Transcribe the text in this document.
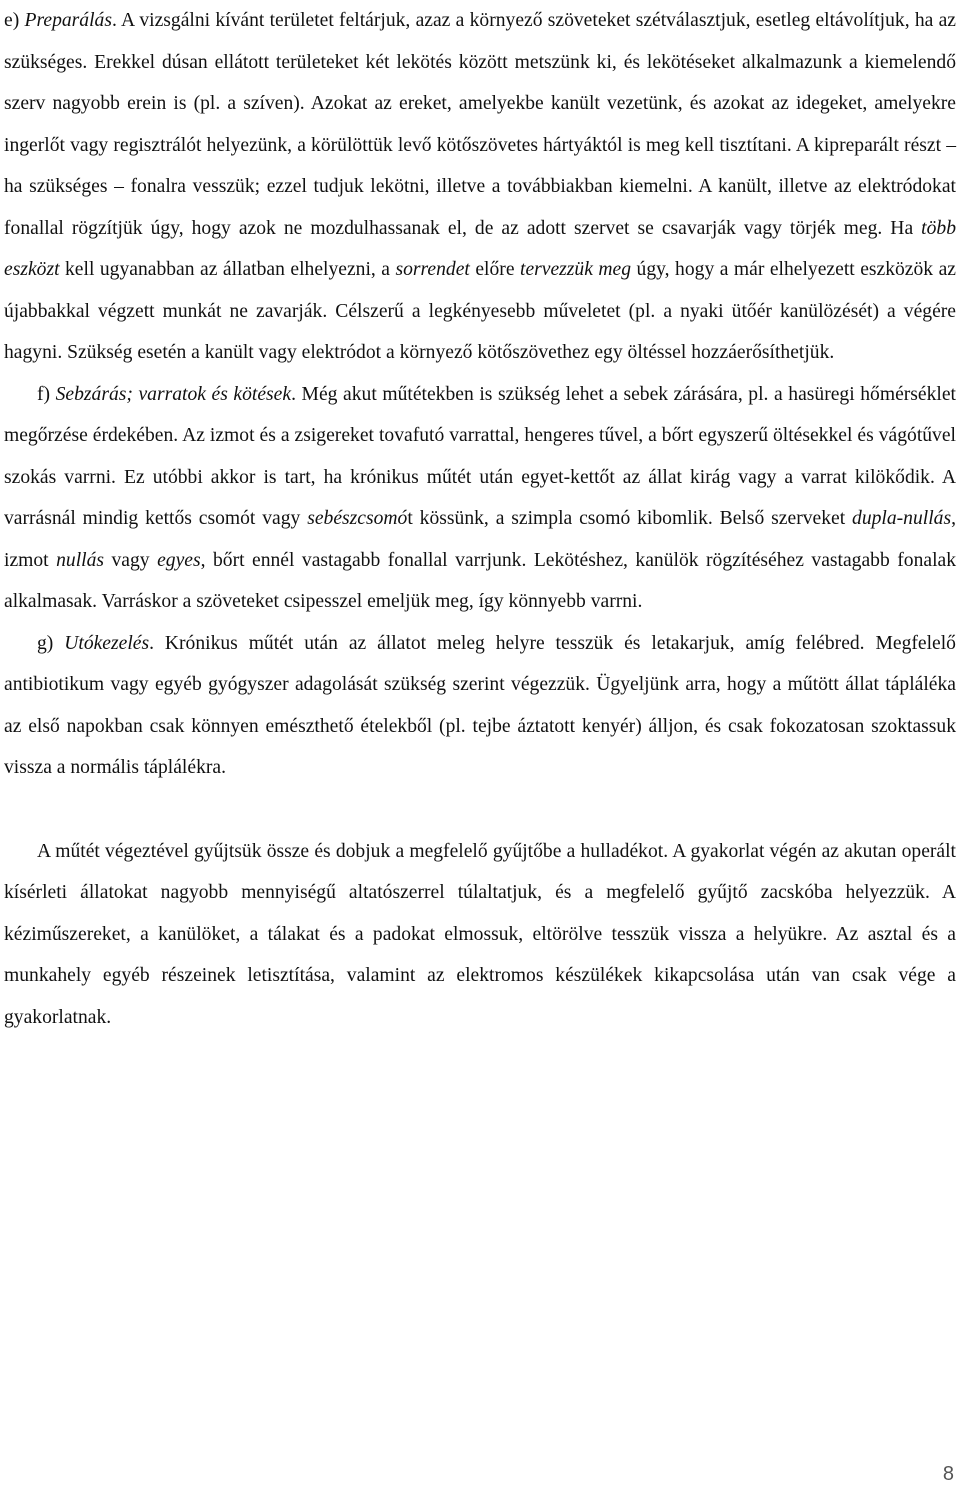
e) Preparálás. A vizsgálni kívánt területet feltárjuk, azaz a környező szöveteket szétválasztjuk, esetleg eltávolítjuk, ha az szükséges. Erekkel dúsan ellátott területeket két lekötés között metszünk ki, és lekötéseket alkalmazunk a kiemelendő szerv nagyobb erein is (pl. a szíven). Azokat az ereket, amelyekbe kanült vezetünk, és azokat az idegeket, amelyekre ingerlőt vagy regisztrálót helyezünk, a körülöttük levő kötőszövetes hártyáktól is meg kell tisztítani. A kipreparált részt – ha szükséges – fonalra vesszük; ezzel tudjuk lekötni, illetve a továbbiakban kiemelni. A kanült, illetve az elektródokat fonallal rögzítjük úgy, hogy azok ne mozdulhassanak el, de az adott szervet se csavarják vagy törjék meg. Ha több eszközt kell ugyanabban az állatban elhelyezni, a sorrendet előre tervezzük meg úgy, hogy a már elhelyezett eszközök az újabbakkal végzett munkát ne zavarják. Célszerű a legkényesebb műveletet (pl. a nyaki ütőér kanülözését) a végére hagyni. Szükség esetén a kanült vagy elektródot a környező kötőszövethez egy öltéssel hozzáerősíthetjük.

f) Sebzárás; varratok és kötések. Még akut műtétekben is szükség lehet a sebek zárására, pl. a hasüregi hőmérséklet megőrzése érdekében. Az izmot és a zsigereket tovafutó varrattal, hengeres tűvel, a bőrt egyszerű öltésekkel és vágótűvel szokás varrni. Ez utóbbi akkor is tart, ha krónikus műtét után egyet-kettőt az állat kirág vagy a varrat kilökődik. A varrásnál mindig kettős csomót vagy sebészcsomót kössünk, a szimpla csomó kibomlik. Belső szerveket dupla-nullás, izmot nullás vagy egyes, bőrt ennél vastagabb fonallal varrjunk. Lekötéshez, kanülök rögzítéséhez vastagabb fonalak alkalmasak. Varráskor a szöveteket csipesszel emeljük meg, így könnyebb varrni.

g) Utókezelés. Krónikus műtét után az állatot meleg helyre tesszük és letakarjuk, amíg felébred. Megfelelő antibiotikum vagy egyéb gyógyszer adagolását szükség szerint végezzük. Ügyeljünk arra, hogy a műtött állat tápláléka az első napokban csak könnyen emészthető ételekből (pl. tejbe áztatott kenyér) álljon, és csak fokozatosan szoktassuk vissza a normális táplálékra.

A műtét végeztével gyűjtsük össze és dobjuk a megfelelő gyűjtőbe a hulladékot. A gyakorlat végén az akutan operált kísérleti állatokat nagyobb mennyiségű altatószerrel túlaltatjuk, és a megfelelő gyűjtő zacskóba helyezzük. A kéziműszereket, a kanülöket, a tálakat és a padokat elmossuk, eltörölve tesszük vissza a helyükre. Az asztal és a munkahely egyéb részeinek letisztítása, valamint az elektromos készülékek kikapcsolása után van csak vége a gyakorlatnak.

8
